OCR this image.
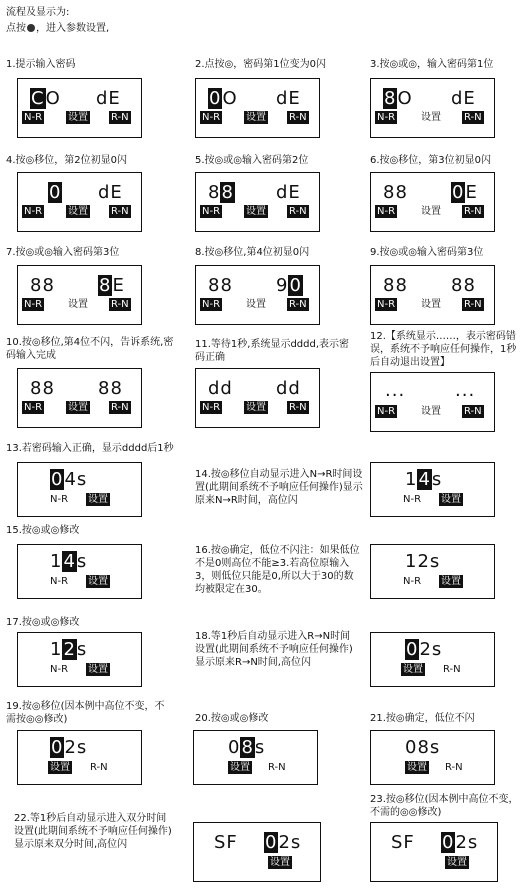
流程及显示为:
点按 ，进入参数设置,
1.提示输入密码
CO dE
N-R	设置 R-N
2.点按◎，密码第1位变为0闪
0O dE
N-R	设置 R-N
3.按◎或◎，输入密码第1位
8O dE
N-R	设置 R-N
4.按◎移位，第2位初显0闪
0 dE
N-R	设置 R-N
5.按◎或◎输入密码第2位
88 dE
N-R	设置 R-N
6.按◎移位，第3位初显0闪
88 0E
N-R	设置 R-N
7.按◎或◎输入密码第3位
88 8E
N-R	设置 R-N
8.按◎移位,第4位初显0闪
88 90
N-R	设置 R-N
9.按◎或◎输入密码第3位
88 88
N-R	设置 R-N
10.按◎移位,第4位不闪，告诉系统,密码输入完成
88 88
N-R	设置 R-N
11.等待1秒,系统显示dddd,表示密码正确
dd dd
N-R	设置 R-N
12.【系统显示……，表示密码错误，系统不予响应任何操作，1秒后自动退出设置】
...	...
N-R	设置 R-N
13.若密码输入正确，显示dddd后1秒
04s
N-R 设置
14.按◎移位自动显示进入N→R时间设置(此期间系统不予响应任何操作)显示原来N→R时间，高位闪
14s
N-R 设置
15.按◎或◎修改
14s
N-R 设置
16.按◎确定，低位不闪注：如果低位不是0则高位不能≥3.若高位原输入3，则低位只能是0,所以大于30的数均被限定在30。
12s
N-R 设置
17.按◎或◎修改
12s
N-R 设置
18.等1秒后自动显示进入R→N时间设置(此期间系统不予响应任何操作)显示原来R→N时间,高位闪
02s
设置 R-N
19.按◎移位(因本例中高位不变，不需按◎◎修改)
02s
设置 R-N
20.按◎或◎修改
08s
设置 R-N
21.按◎确定，低位不闪
08s
设置 R-N
22.等1秒后自动显示进入双分时间设置(此期间系统不予响应任何操作)显示原来双分时间,高位闪	SF 02s
设置
23.按◎移位(因本例中高位不变，不需的◎◎修改)
SF 02s
设置
